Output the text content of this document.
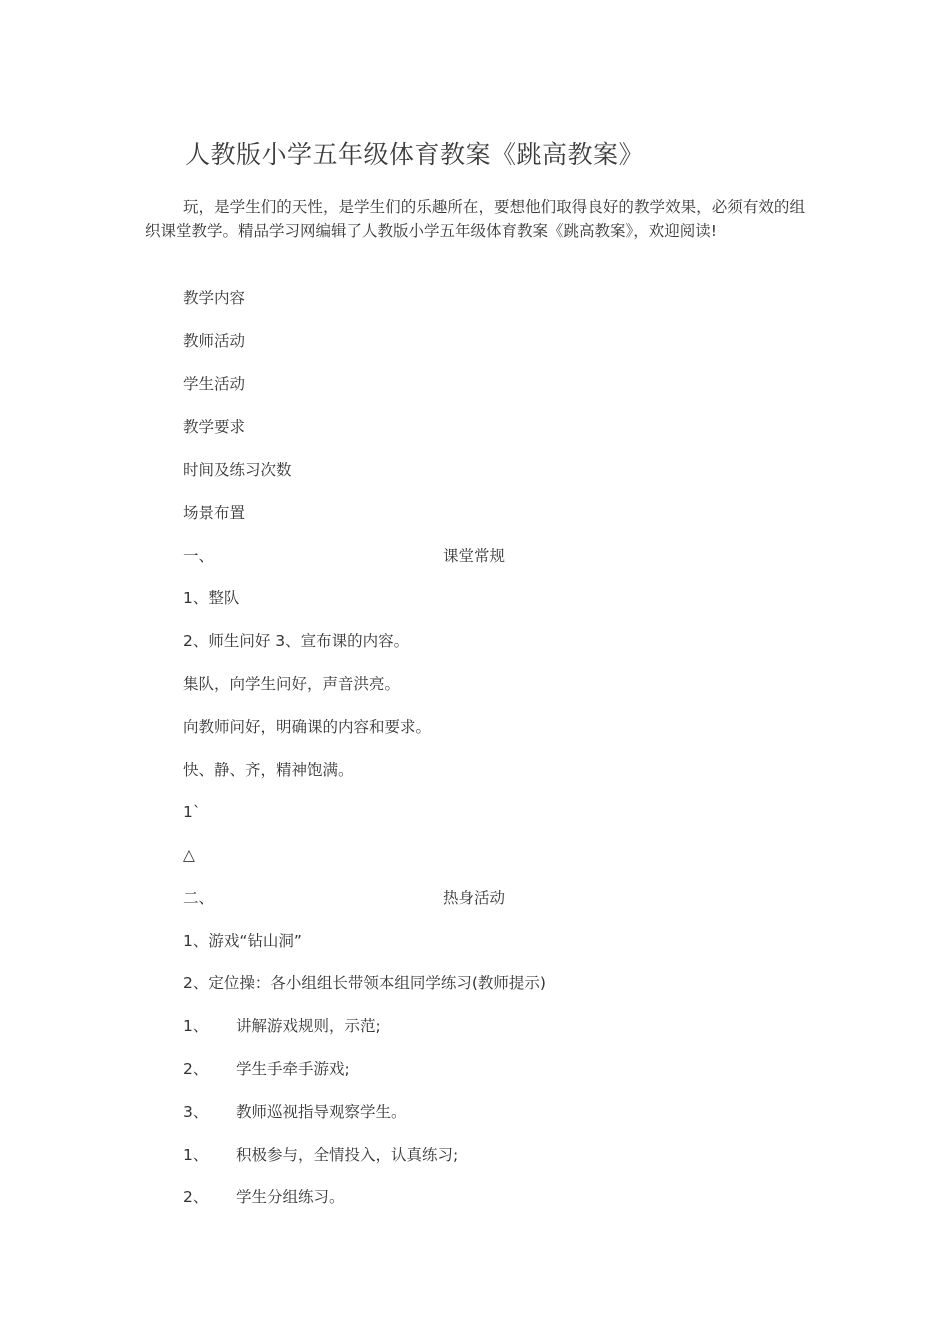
人教版小学五年级体育教案《跳高教案》
玩，是学生们的天性，是学生们的乐趣所在，要想他们取得良好的教学效果，必须有效的组织课堂教学。精品学习网编辑了人教版小学五年级体育教案《跳高教案》，欢迎阅读!
教学内容
教师活动
学生活动
教学要求
时间及练习次数
场景布置
一、	课堂常规
1、整队
2、师生问好 3、宣布课的内容。
集队，向学生问好，声音洪亮。
向教师问好，明确课的内容和要求。
快、静、齐，精神饱满。
1`
△
二、	热身活动
1、游戏“钻山洞”
2、定位操：各小组组长带领本组同学练习(教师提示)
1、 讲解游戏规则，示范;
2、 学生手牵手游戏;
3、 教师巡视指导观察学生。
1、 积极参与，全情投入，认真练习;
2、 学生分组练习。
